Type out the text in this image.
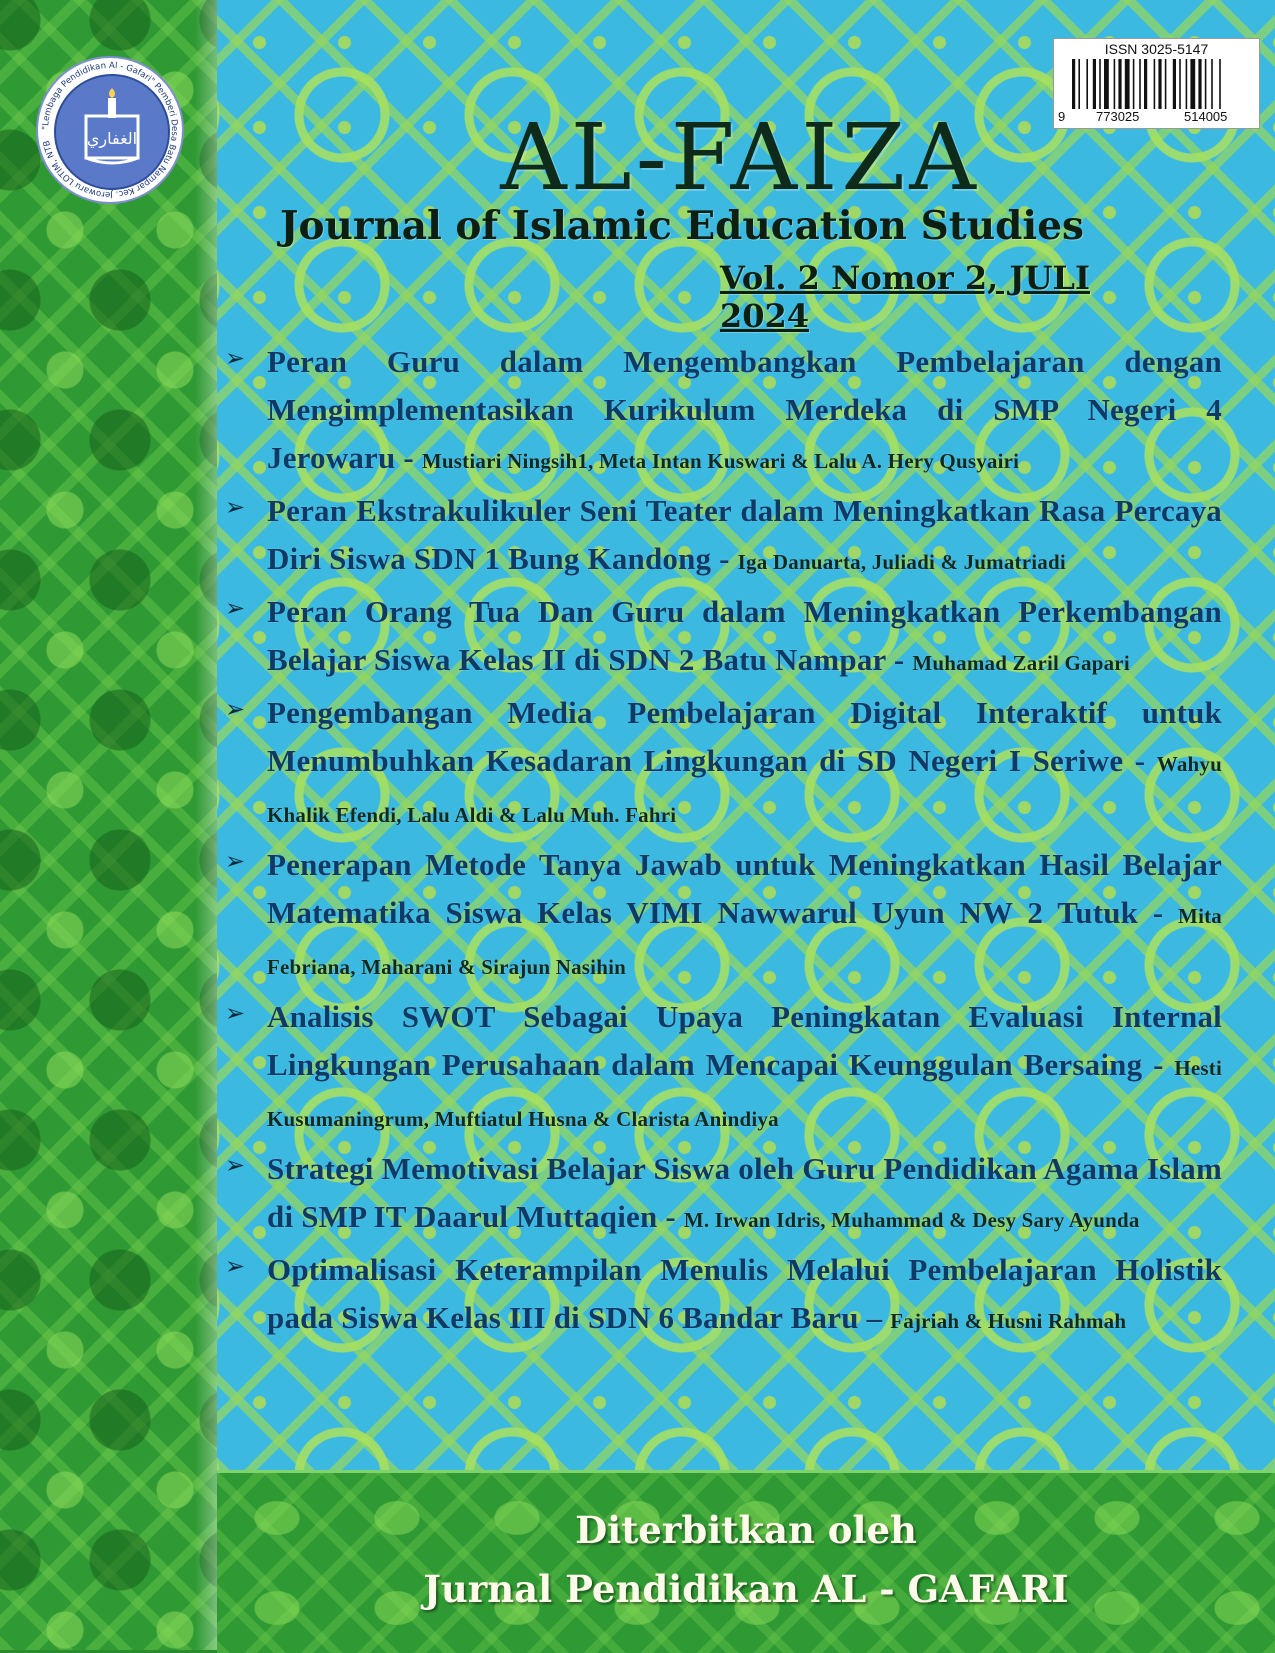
الغفاري
"Lembaga Pendidikan Al - Gafari" Pemberi Desa Batu Nampar Kec. Jerowaru LOTIM, NTB
ISSN 3025-5147
9 773025	514005
AL-FAIZA
Journal of Islamic Education Studies
Vol. 2 Nomor 2, JULI 2024
➢ Peran Guru dalam Mengembangkan Pembelajaran dengan Mengimplementasikan Kurikulum Merdeka di SMP Negeri 4 Jerowaru - Mustiari Ningsih1, Meta Intan Kuswari & Lalu A. Hery Qusyairi
➢ Peran Ekstrakulikuler Seni Teater dalam Meningkatkan Rasa Percaya Diri Siswa SDN 1 Bung Kandong - Iga Danuarta, Juliadi & Jumatriadi
➢ Peran Orang Tua Dan Guru dalam Meningkatkan Perkembangan Belajar Siswa Kelas II di SDN 2 Batu Nampar - Muhamad Zaril Gapari
➢ Pengembangan Media Pembelajaran Digital Interaktif untuk Menumbuhkan Kesadaran Lingkungan di SD Negeri I Seriwe - Wahyu Khalik Efendi, Lalu Aldi & Lalu Muh. Fahri
➢ Penerapan Metode Tanya Jawab untuk Meningkatkan Hasil Belajar Matematika Siswa Kelas VIMI Nawwarul Uyun NW 2 Tutuk - Mita Febriana, Maharani & Sirajun Nasihin
➢ Analisis SWOT Sebagai Upaya Peningkatan Evaluasi Internal Lingkungan Perusahaan dalam Mencapai Keunggulan Bersaing - Hesti Kusumaningrum, Muftiatul Husna & Clarista Anindiya
➢ Strategi Memotivasi Belajar Siswa oleh Guru Pendidikan Agama Islam di SMP IT Daarul Muttaqien - M. Irwan Idris, Muhammad & Desy Sary Ayunda
➢ Optimalisasi Keterampilan Menulis Melalui Pembelajaran Holistik pada Siswa Kelas III di SDN 6 Bandar Baru – Fajriah & Husni Rahmah
Diterbitkan oleh
Jurnal Pendidikan AL - GAFARI
